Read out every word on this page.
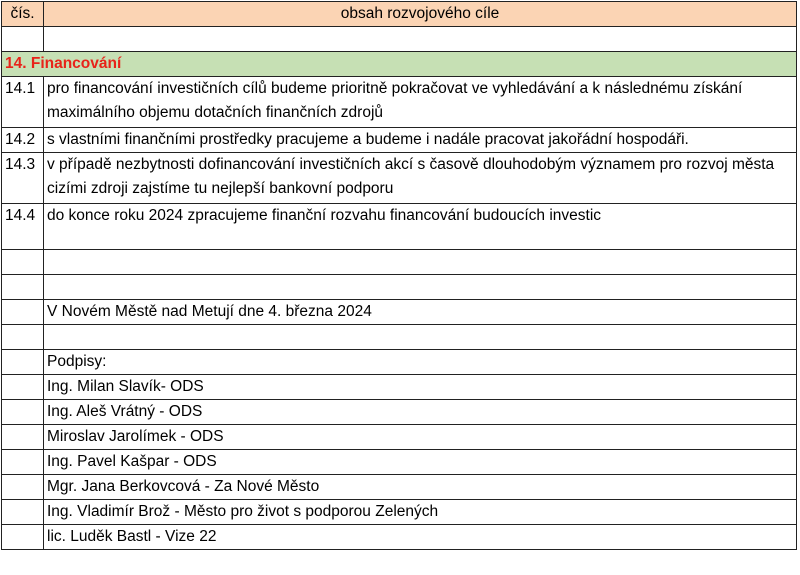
čís.	obsah rozvojového cíle

14. Financování	
14.1	pro financování investičních cílů budeme prioritně pokračovat ve vyhledávání a k následnému získání maximálního objemu dotačních finančních zdrojů
14.2	s vlastními finančními prostředky pracujeme a budeme i nadále pracovat jakořádní hospodáři.
14.3	v případě nezbytnosti dofinancování investičních akcí s časově dlouhodobým významem pro rozvoj města cizími zdroji zajstíme tu nejlepší bankovní podporu
14.4	do konce roku 2024 zpracujeme finanční rozvahu financování budoucích investic

	V Novém Městě nad Metují dne 4. března 2024

	Podpisy:
	Ing. Milan Slavík- ODS
	Ing. Aleš Vrátný - ODS
	Miroslav Jarolímek - ODS
	Ing. Pavel Kašpar - ODS
	Mgr. Jana Berkovcová - Za Nové Město
	Ing. Vladimír Brož - Město pro život s podporou Zelených
	lic. Luděk Bastl - Vize 22
